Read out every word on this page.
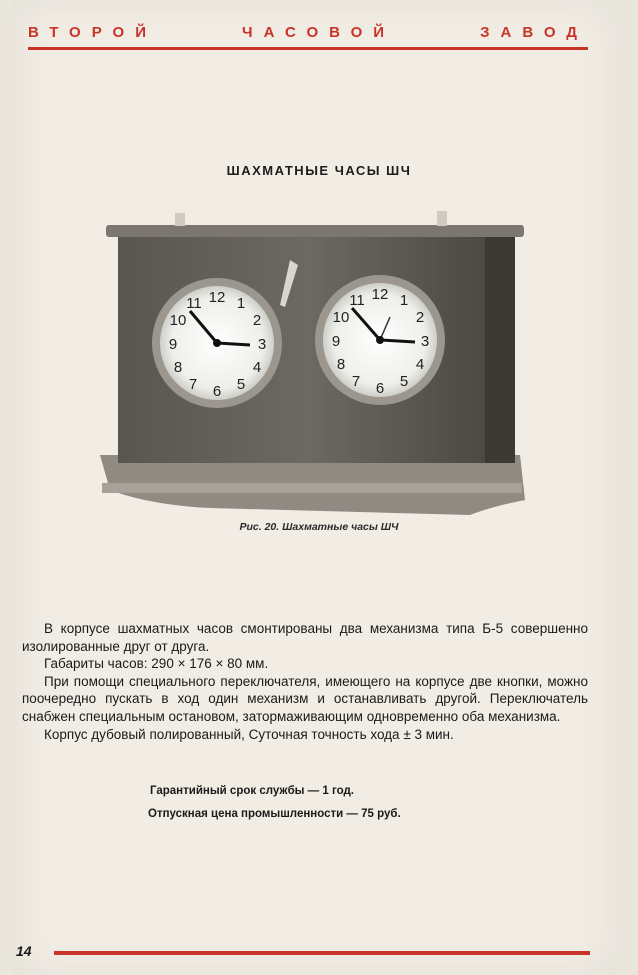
ВТОРОЙ	ЧАСОВОЙ	ЗАВОД
ШАХМАТНЫЕ ЧАСЫ ШЧ
12 1
2
3
4
5
6
7
8
9
10
11
12 1
2
3
4
5
6
7
8
9
10
11
Рис. 20. Шахматные часы ШЧ

В корпусе шахматных часов смонтированы два механизма типа Б-5 совершенно изолированные друг от друга.

Габариты часов: 290 × 176 × 80 мм.

При помощи специального переключателя, имеющего на корпусе две кнопки, можно поочередно пускать в ход один механизм и останавливать другой. Переключатель снабжен специальным остановом, затормаживающим одновременно оба механизма.

Корпус дубовый полированный, Суточная точность хода ± 3 мин.

Гарантийный срок службы — 1 год.
Отпускная цена промышленности — 75 руб.
14
